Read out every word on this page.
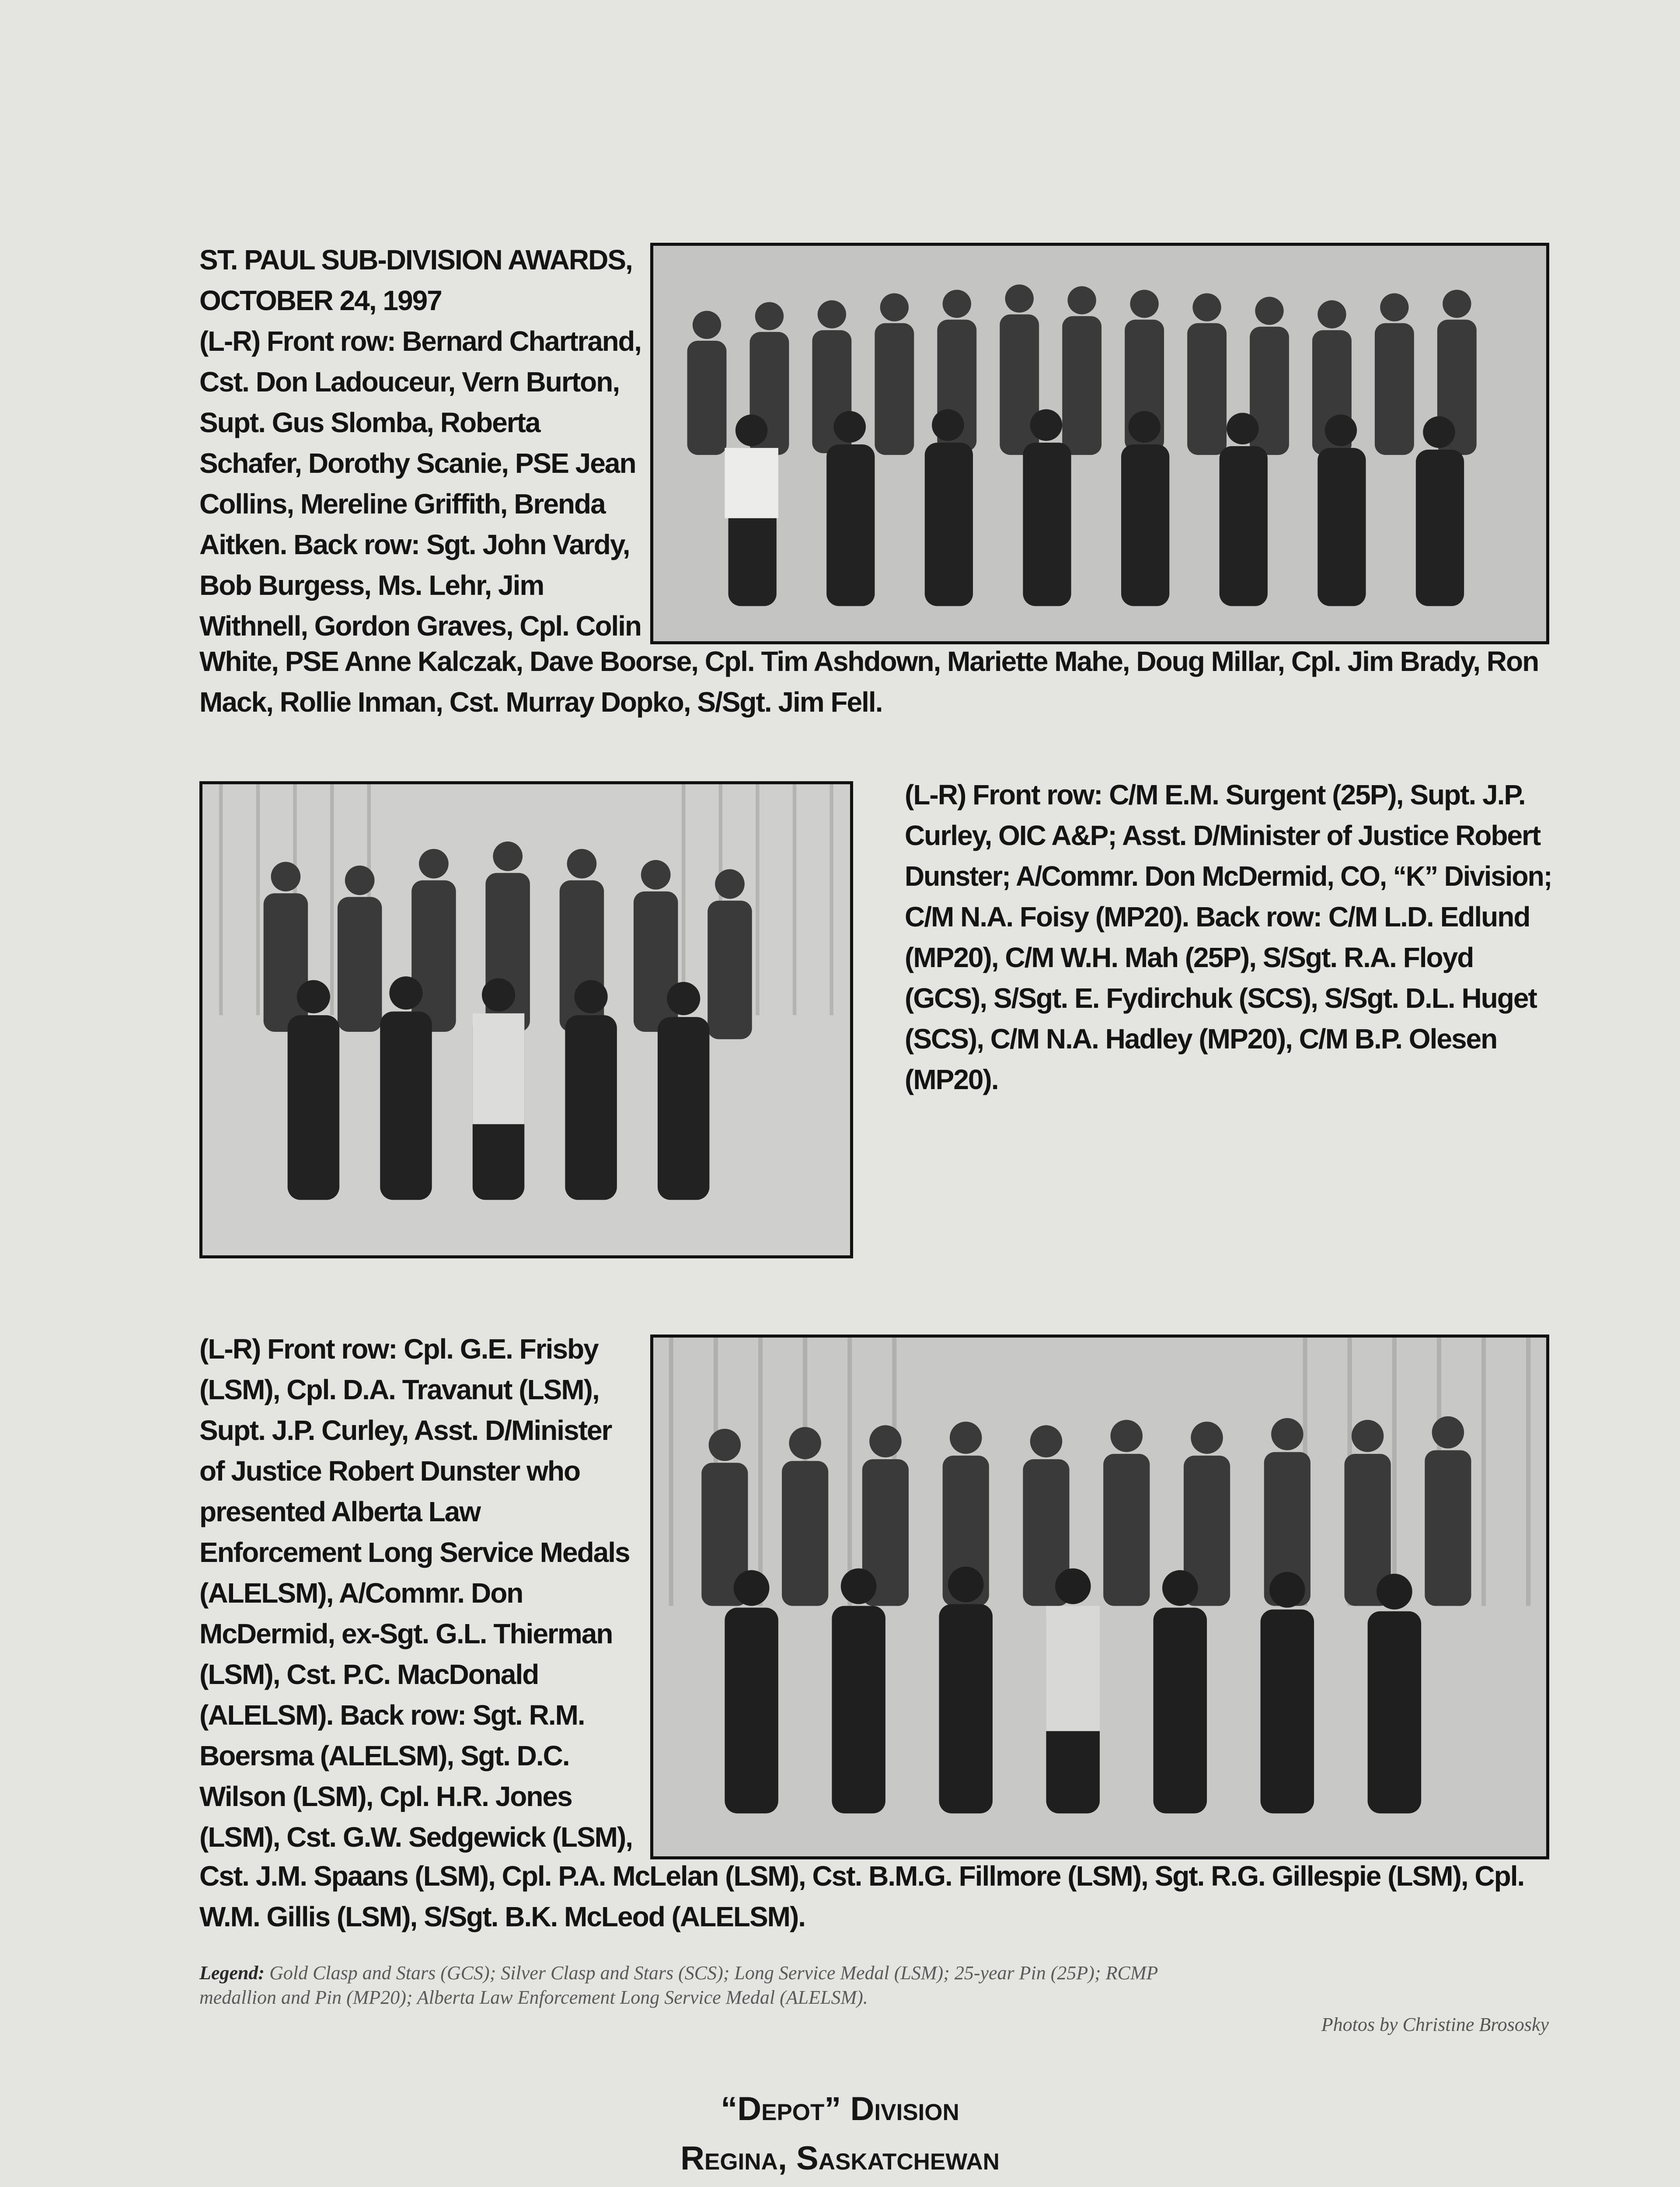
ST. PAUL SUB-DIVISION AWARDS,

OCTOBER 24, 1997

(L-R) Front row: Bernard Chartrand,

Cst. Don Ladouceur, Vern Burton,

Supt. Gus Slomba, Roberta

Schafer, Dorothy Scanie, PSE Jean

Collins, Mereline Griffith, Brenda

Aitken. Back row: Sgt. John Vardy,

Bob Burgess, Ms. Lehr, Jim

Withnell, Gordon Graves, Cpl. Colin

White, PSE Anne Kalczak, Dave Boorse, Cpl. Tim Ashdown, Mariette Mahe, Doug Millar, Cpl. Jim Brady, Ron

Mack, Rollie Inman, Cst. Murray Dopko, S/Sgt. Jim Fell.

(L-R) Front row: C/M E.M. Surgent (25P), Supt. J.P.

Curley, OIC A&P; Asst. D/Minister of Justice Robert

Dunster; A/Commr. Don McDermid, CO, “K” Division;

C/M N.A. Foisy (MP20). Back row: C/M L.D. Edlund

(MP20), C/M W.H. Mah (25P), S/Sgt. R.A. Floyd

(GCS), S/Sgt. E. Fydirchuk (SCS), S/Sgt. D.L. Huget

(SCS), C/M N.A. Hadley (MP20), C/M B.P. Olesen

(MP20).

(L-R) Front row: Cpl. G.E. Frisby

(LSM), Cpl. D.A. Travanut (LSM),

Supt. J.P. Curley, Asst. D/Minister

of Justice Robert Dunster who

presented Alberta Law

Enforcement Long Service Medals

(ALELSM), A/Commr. Don

McDermid, ex-Sgt. G.L. Thierman

(LSM), Cst. P.C. MacDonald

(ALELSM). Back row: Sgt. R.M.

Boersma (ALELSM), Sgt. D.C.

Wilson (LSM), Cpl. H.R. Jones

(LSM), Cst. G.W. Sedgewick (LSM),

Cst. J.M. Spaans (LSM), Cpl. P.A. McLelan (LSM), Cst. B.M.G. Fillmore (LSM), Sgt. R.G. Gillespie (LSM), Cpl.

W.M. Gillis (LSM), S/Sgt. B.K. McLeod (ALELSM).

Legend: Gold Clasp and Stars (GCS); Silver Clasp and Stars (SCS); Long Service Medal (LSM); 25-year Pin (25P); RCMP
medallion and Pin (MP20); Alberta Law Enforcement Long Service Medal (ALELSM).
Photos by Christine Brososky
“Depot” Division
Regina, Saskatchewan
